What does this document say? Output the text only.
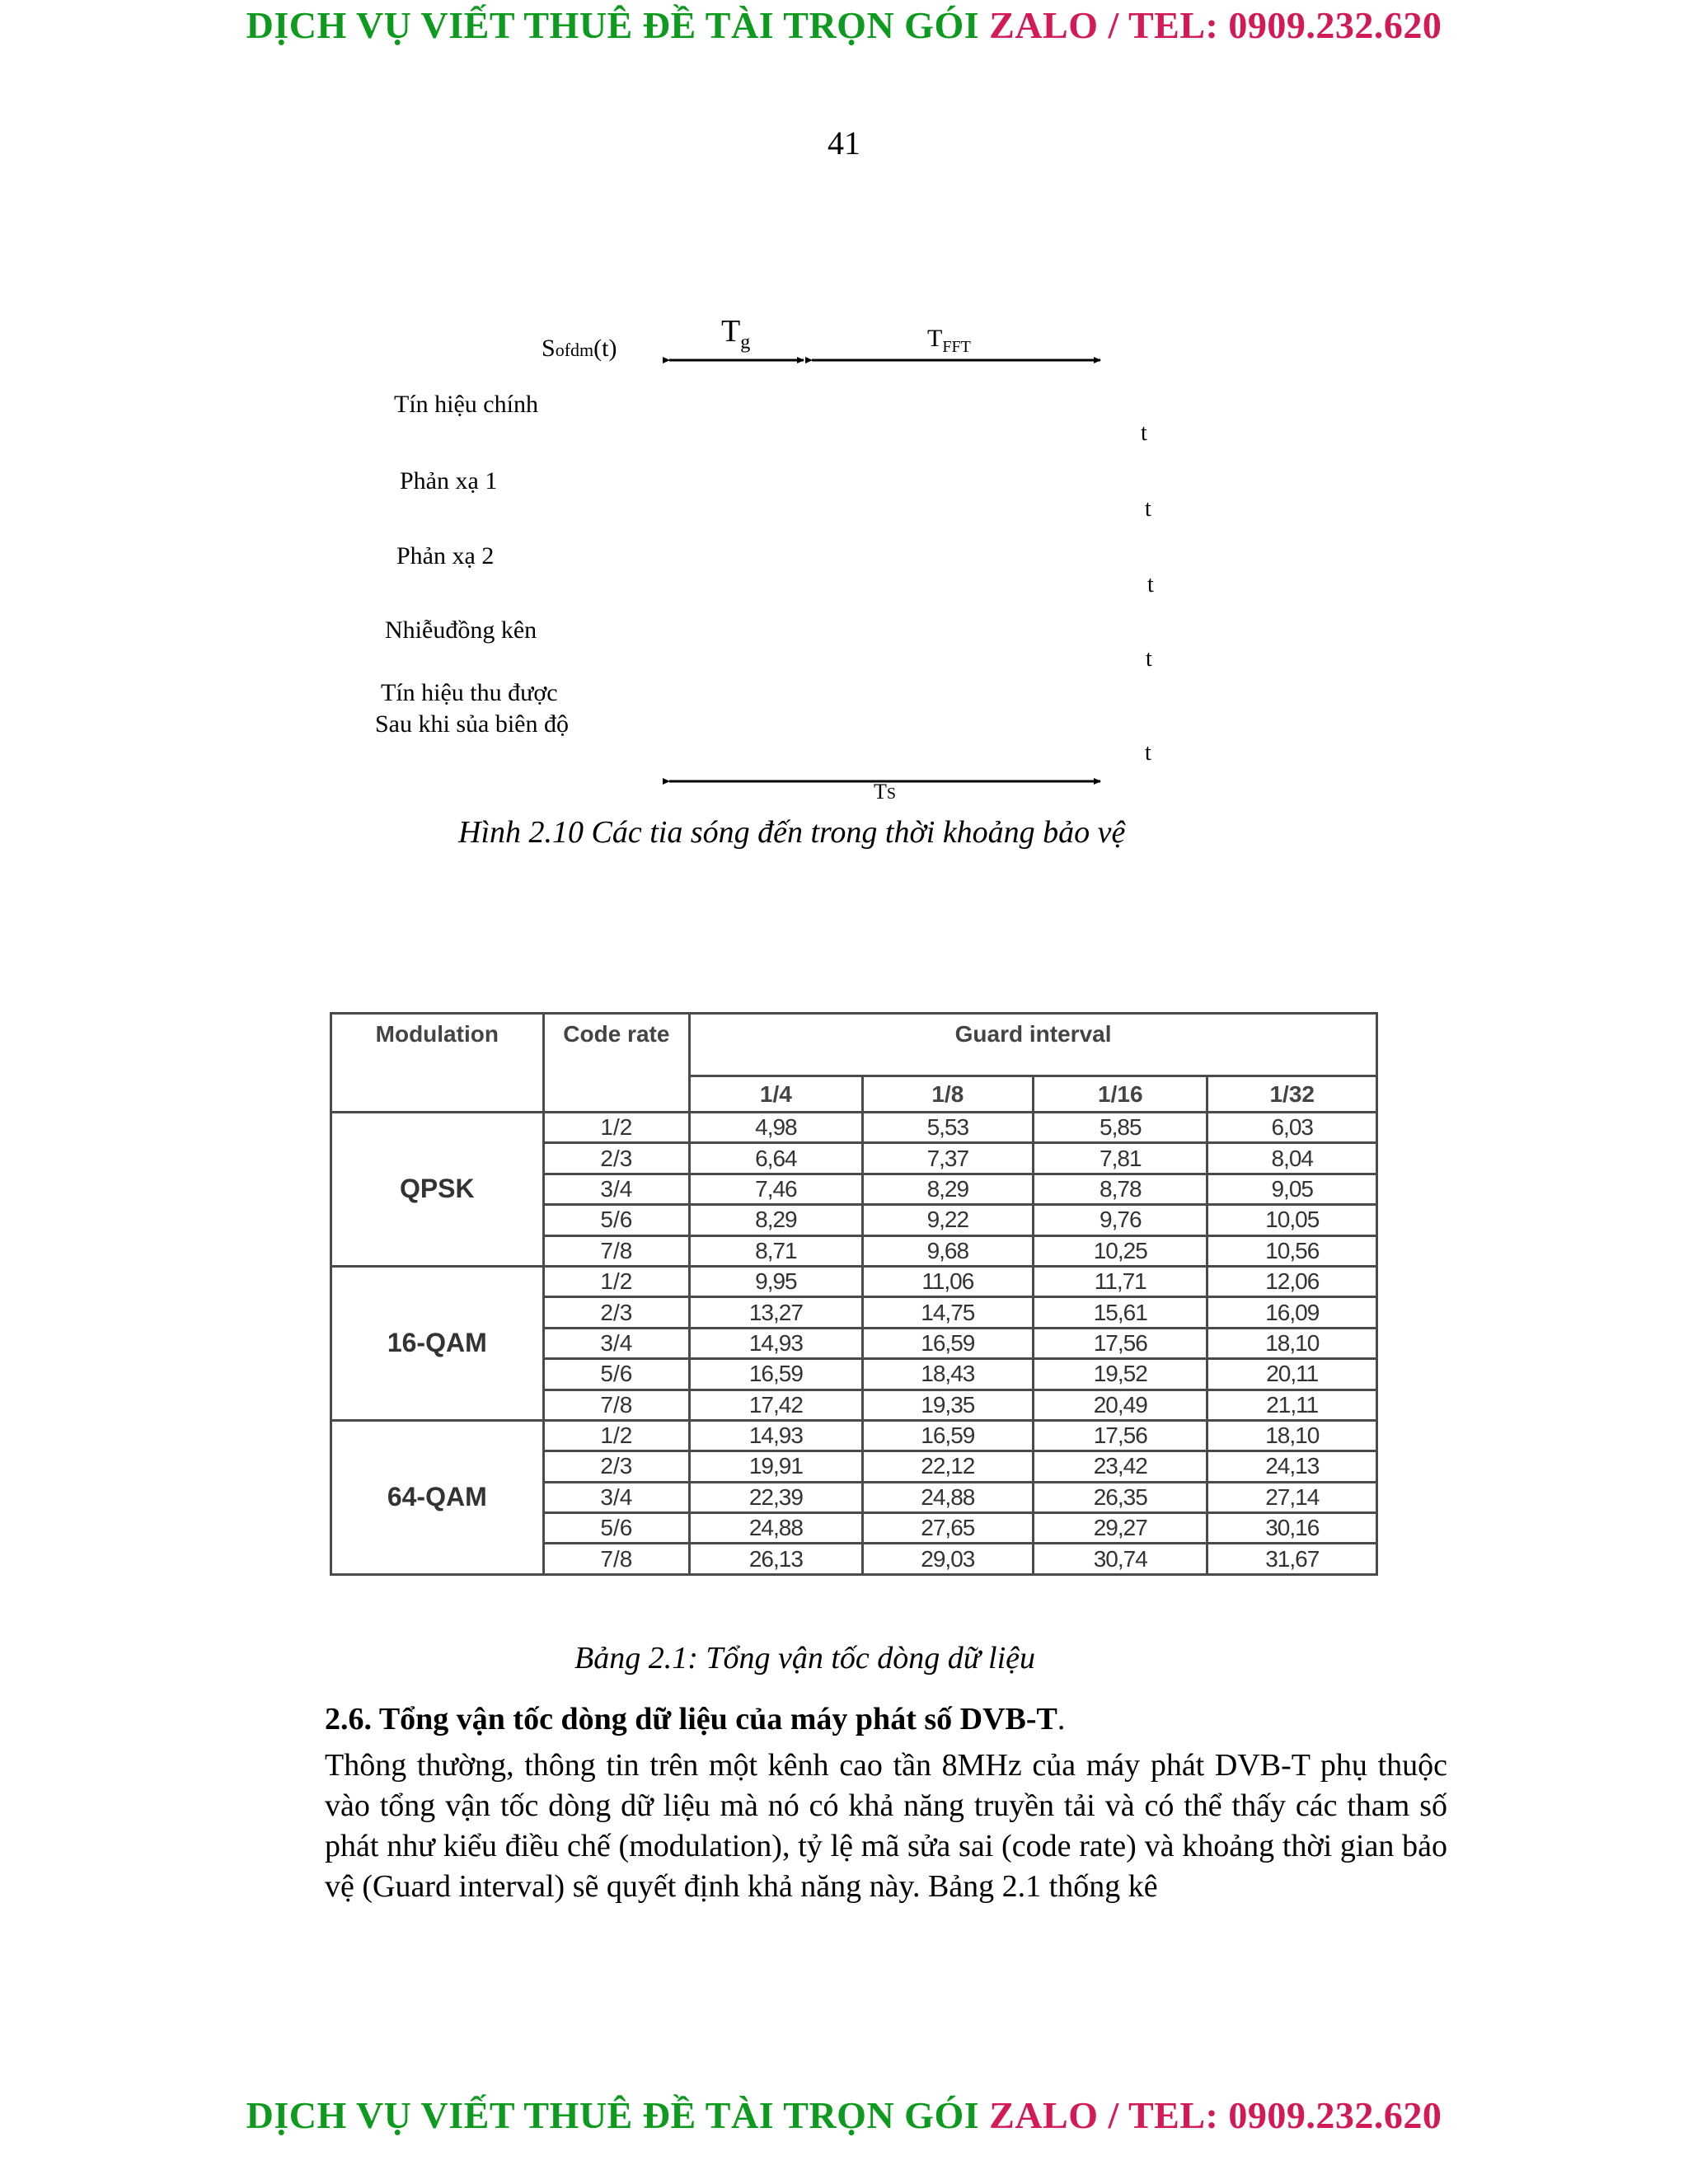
DỊCH VỤ VIẾT THUÊ ĐỀ TÀI TRỌN GÓI ZALO / TEL: 0909.232.620
41
Sofdm(t)	$T_g$	$T_{FFT}$
Tín hiệu chính
Phản xạ 1
Phản xạ 2
Nhiễuđồng kên
Tín hiệu thu được
Sau khi sủa biên độ
t
t
t
t
t
TS
Hình 2.10 Các tia sóng đến trong thời khoảng bảo vệ
Modulation	Code rate	Guard interval			
		1/4	1/8	1/16	1/32
QPSK	1/2	4,98	5,53	5,85	6,03
	2/3	6,64	7,37	7,81	8,04
	3/4	7,46	8,29	8,78	9,05
	5/6	8,29	9,22	9,76	10,05
	7/8	8,71	9,68	10,25	10,56
16-QAM	1/2	9,95	11,06	11,71	12,06
	2/3	13,27	14,75	15,61	16,09
	3/4	14,93	16,59	17,56	18,10
	5/6	16,59	18,43	19,52	20,11
	7/8	17,42	19,35	20,49	21,11
64-QAM	1/2	14,93	16,59	17,56	18,10
	2/3	19,91	22,12	23,42	24,13
	3/4	22,39	24,88	26,35	27,14
	5/6	24,88	27,65	29,27	30,16
	7/8	26,13	29,03	30,74	31,67
Bảng 2.1: Tổng vận tốc dòng dữ liệu
2.6. Tổng vận tốc dòng dữ liệu của máy phát số DVB-T.
Thông thường, thông tin trên một kênh cao tần 8MHz của máy phát DVB-T phụ thuộc vào tổng vận tốc dòng dữ liệu mà nó có khả năng truyền tải và có thể thấy các tham số phát như kiểu điều chế (modulation), tỷ lệ mã sửa sai (code rate) và khoảng thời gian bảo vệ (Guard interval) sẽ quyết định khả năng này. Bảng 2.1 thống kê
DỊCH VỤ VIẾT THUÊ ĐỀ TÀI TRỌN GÓI ZALO / TEL: 0909.232.620
